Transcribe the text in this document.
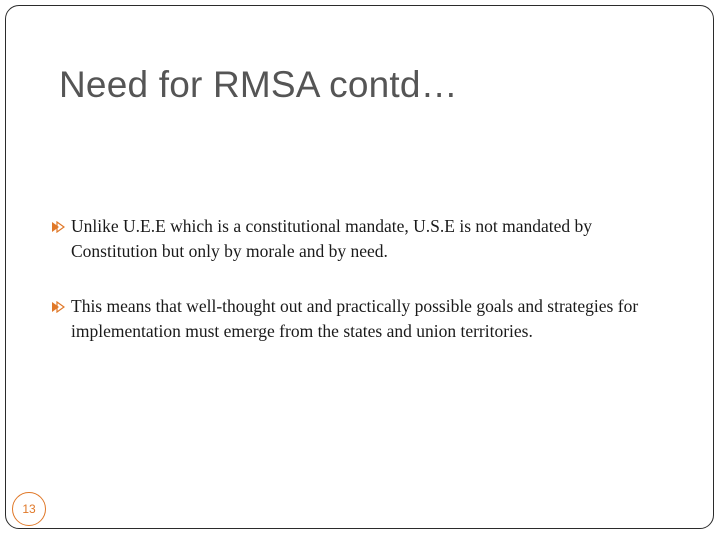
Need for RMSA contd…
Unlike U.E.E which is a constitutional mandate, U.S.E is not mandated by Constitution but only by morale and by need.
This means that well-thought out and practically possible goals and strategies for implementation must emerge from the states and union territories.
13
